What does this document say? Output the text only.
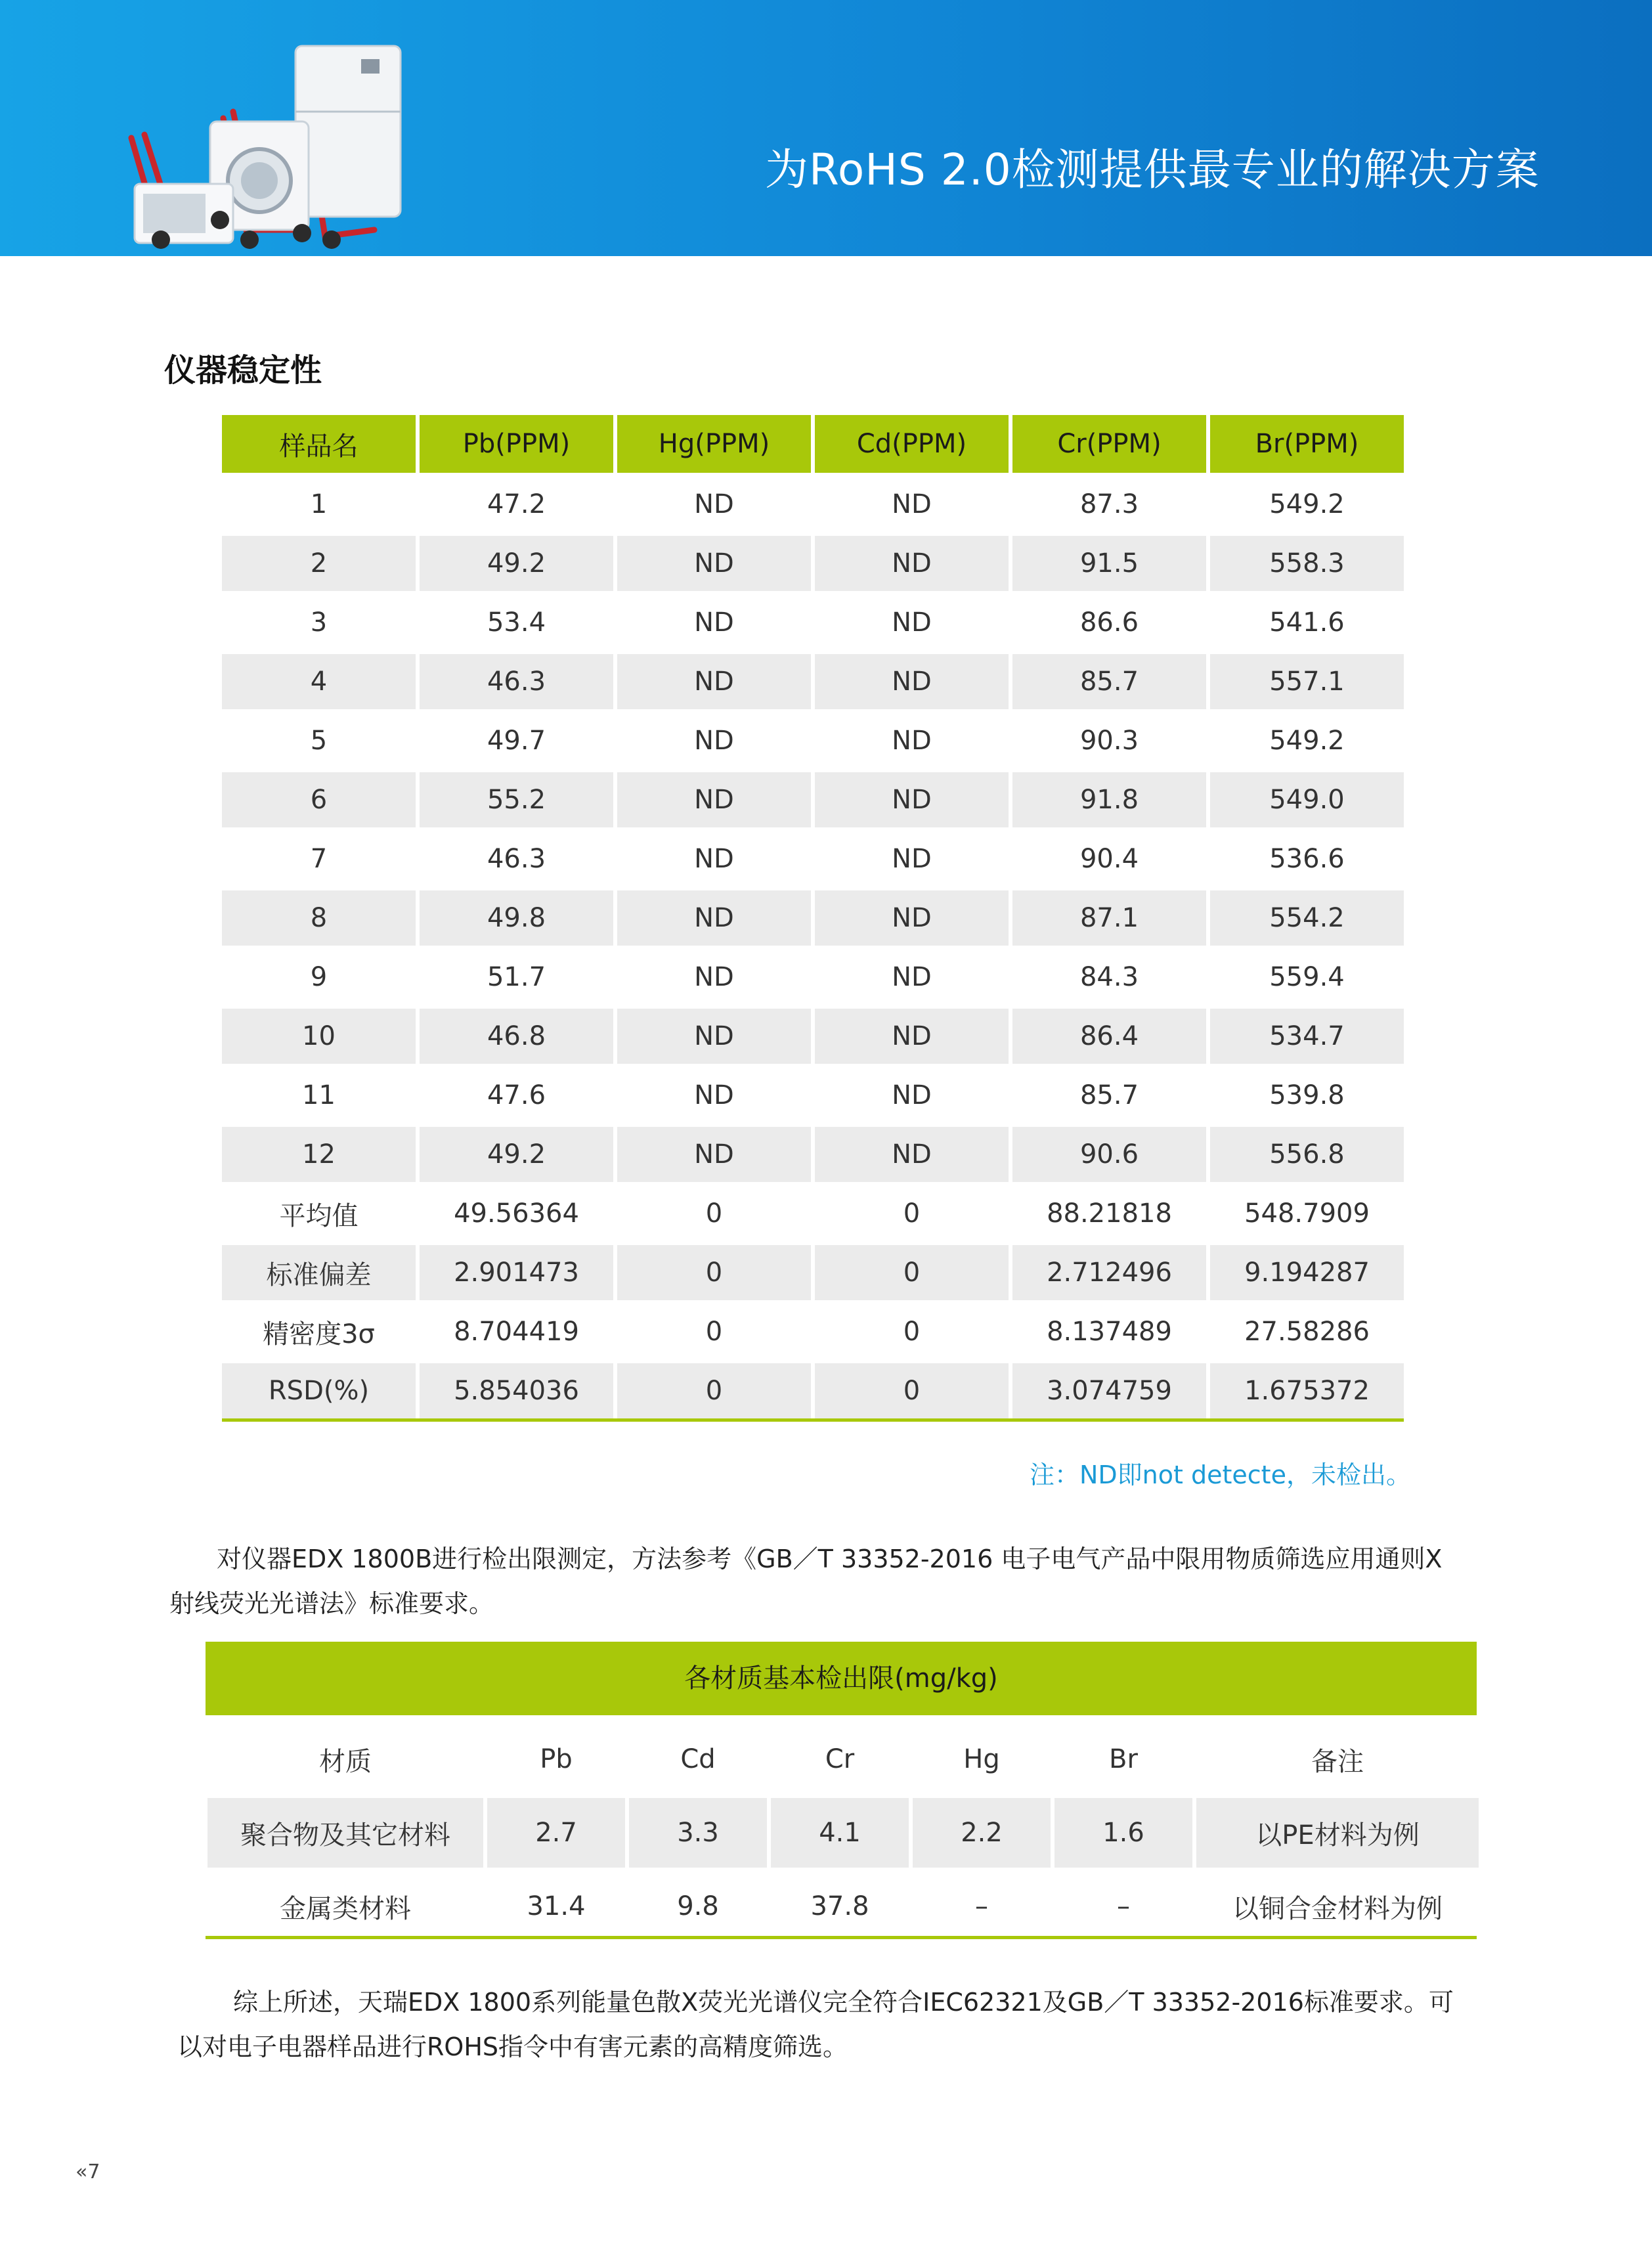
为RoHS 2.0检测提供最专业的解决方案
仪器稳定性
样品名	Pb(PPM)	Hg(PPM)	Cd(PPM)	Cr(PPM)	Br(PPM)
1	47.2	ND	ND	87.3	549.2
2	49.2	ND	ND	91.5	558.3
3	53.4	ND	ND	86.6	541.6
4	46.3	ND	ND	85.7	557.1
5	49.7	ND	ND	90.3	549.2
6	55.2	ND	ND	91.8	549.0
7	46.3	ND	ND	90.4	536.6
8	49.8	ND	ND	87.1	554.2
9	51.7	ND	ND	84.3	559.4
10	46.8	ND	ND	86.4	534.7
11	47.6	ND	ND	85.7	539.8
12	49.2	ND	ND	90.6	556.8
平均值	49.56364	0	0	88.21818	548.7909
标准偏差	2.901473	0	0	2.712496	9.194287
精密度3σ	8.704419	0	0	8.137489	27.58286
RSD(%)	5.854036	0	0	3.074759	1.675372
注：ND即not detecte，未检出。
对仪器EDX 1800B进行检出限测定，方法参考《GB／T 33352-2016 电子电气产品中限用物质筛选应用通则X
射线荧光光谱法》标准要求。
各材质基本检出限(mg/kg)
材质	Pb	Cd	Cr	Hg	Br	备注
聚合物及其它材料	2.7	3.3	4.1	2.2	1.6	以PE材料为例
金属类材料	31.4	9.8	37.8	–	–	以铜合金材料为例
综上所述，天瑞EDX 1800系列能量色散X荧光光谱仪完全符合IEC62321及GB／T 33352-2016标准要求。可
以对电子电器样品进行ROHS指令中有害元素的高精度筛选。
«7
